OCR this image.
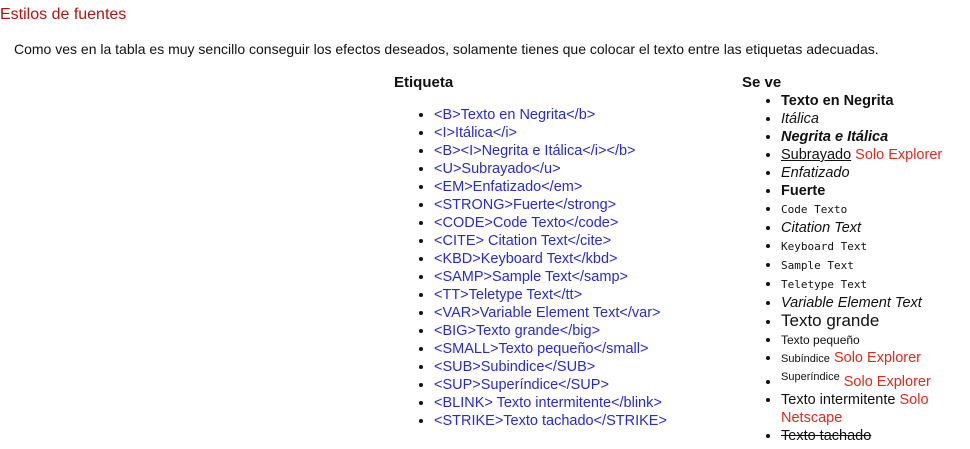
Estilos de fuentes

Como ves en la tabla es muy sencillo conseguir los efectos deseados, solamente tienes que colocar el texto entre las etiquetas adecuadas.

Etiqueta	Se ve
• <B>Texto en Negrita</b>
• <I>Itálica</i>
• <B><I>Negrita e Itálica</i></b>
• <U>Subrayado</u>
• <EM>Enfatizado</em>
• <STRONG>Fuerte</strong>
• <CODE>Code Texto</code>
• <CITE> Citation Text</cite>
• <KBD>Keyboard Text</kbd>
• <SAMP>Sample Text</samp>
• <TT>Teletype Text</tt>
• <VAR>Variable Element Text</var>
• <BIG>Texto grande</big>
• <SMALL>Texto pequeño</small>
• <SUB>Subindice</SUB>
• <SUP>Superíndice</SUP>
• <BLINK> Texto intermitente</blink>
• <STRIKE>Texto tachado</STRIKE>
• Texto en Negrita
• Itálica
• Negrita e Itálica
• Subrayado Solo Explorer
• Enfatizado
• Fuerte
• Code Texto
• Citation Text
• Keyboard Text
• Sample Text
• Teletype Text
• Variable Element Text
• Texto grande
• Texto pequeño
• Subíndice Solo Explorer
• $^{Superíndice}$ Solo Explorer
• Texto intermitente Solo Netscape
• Texto tachado
